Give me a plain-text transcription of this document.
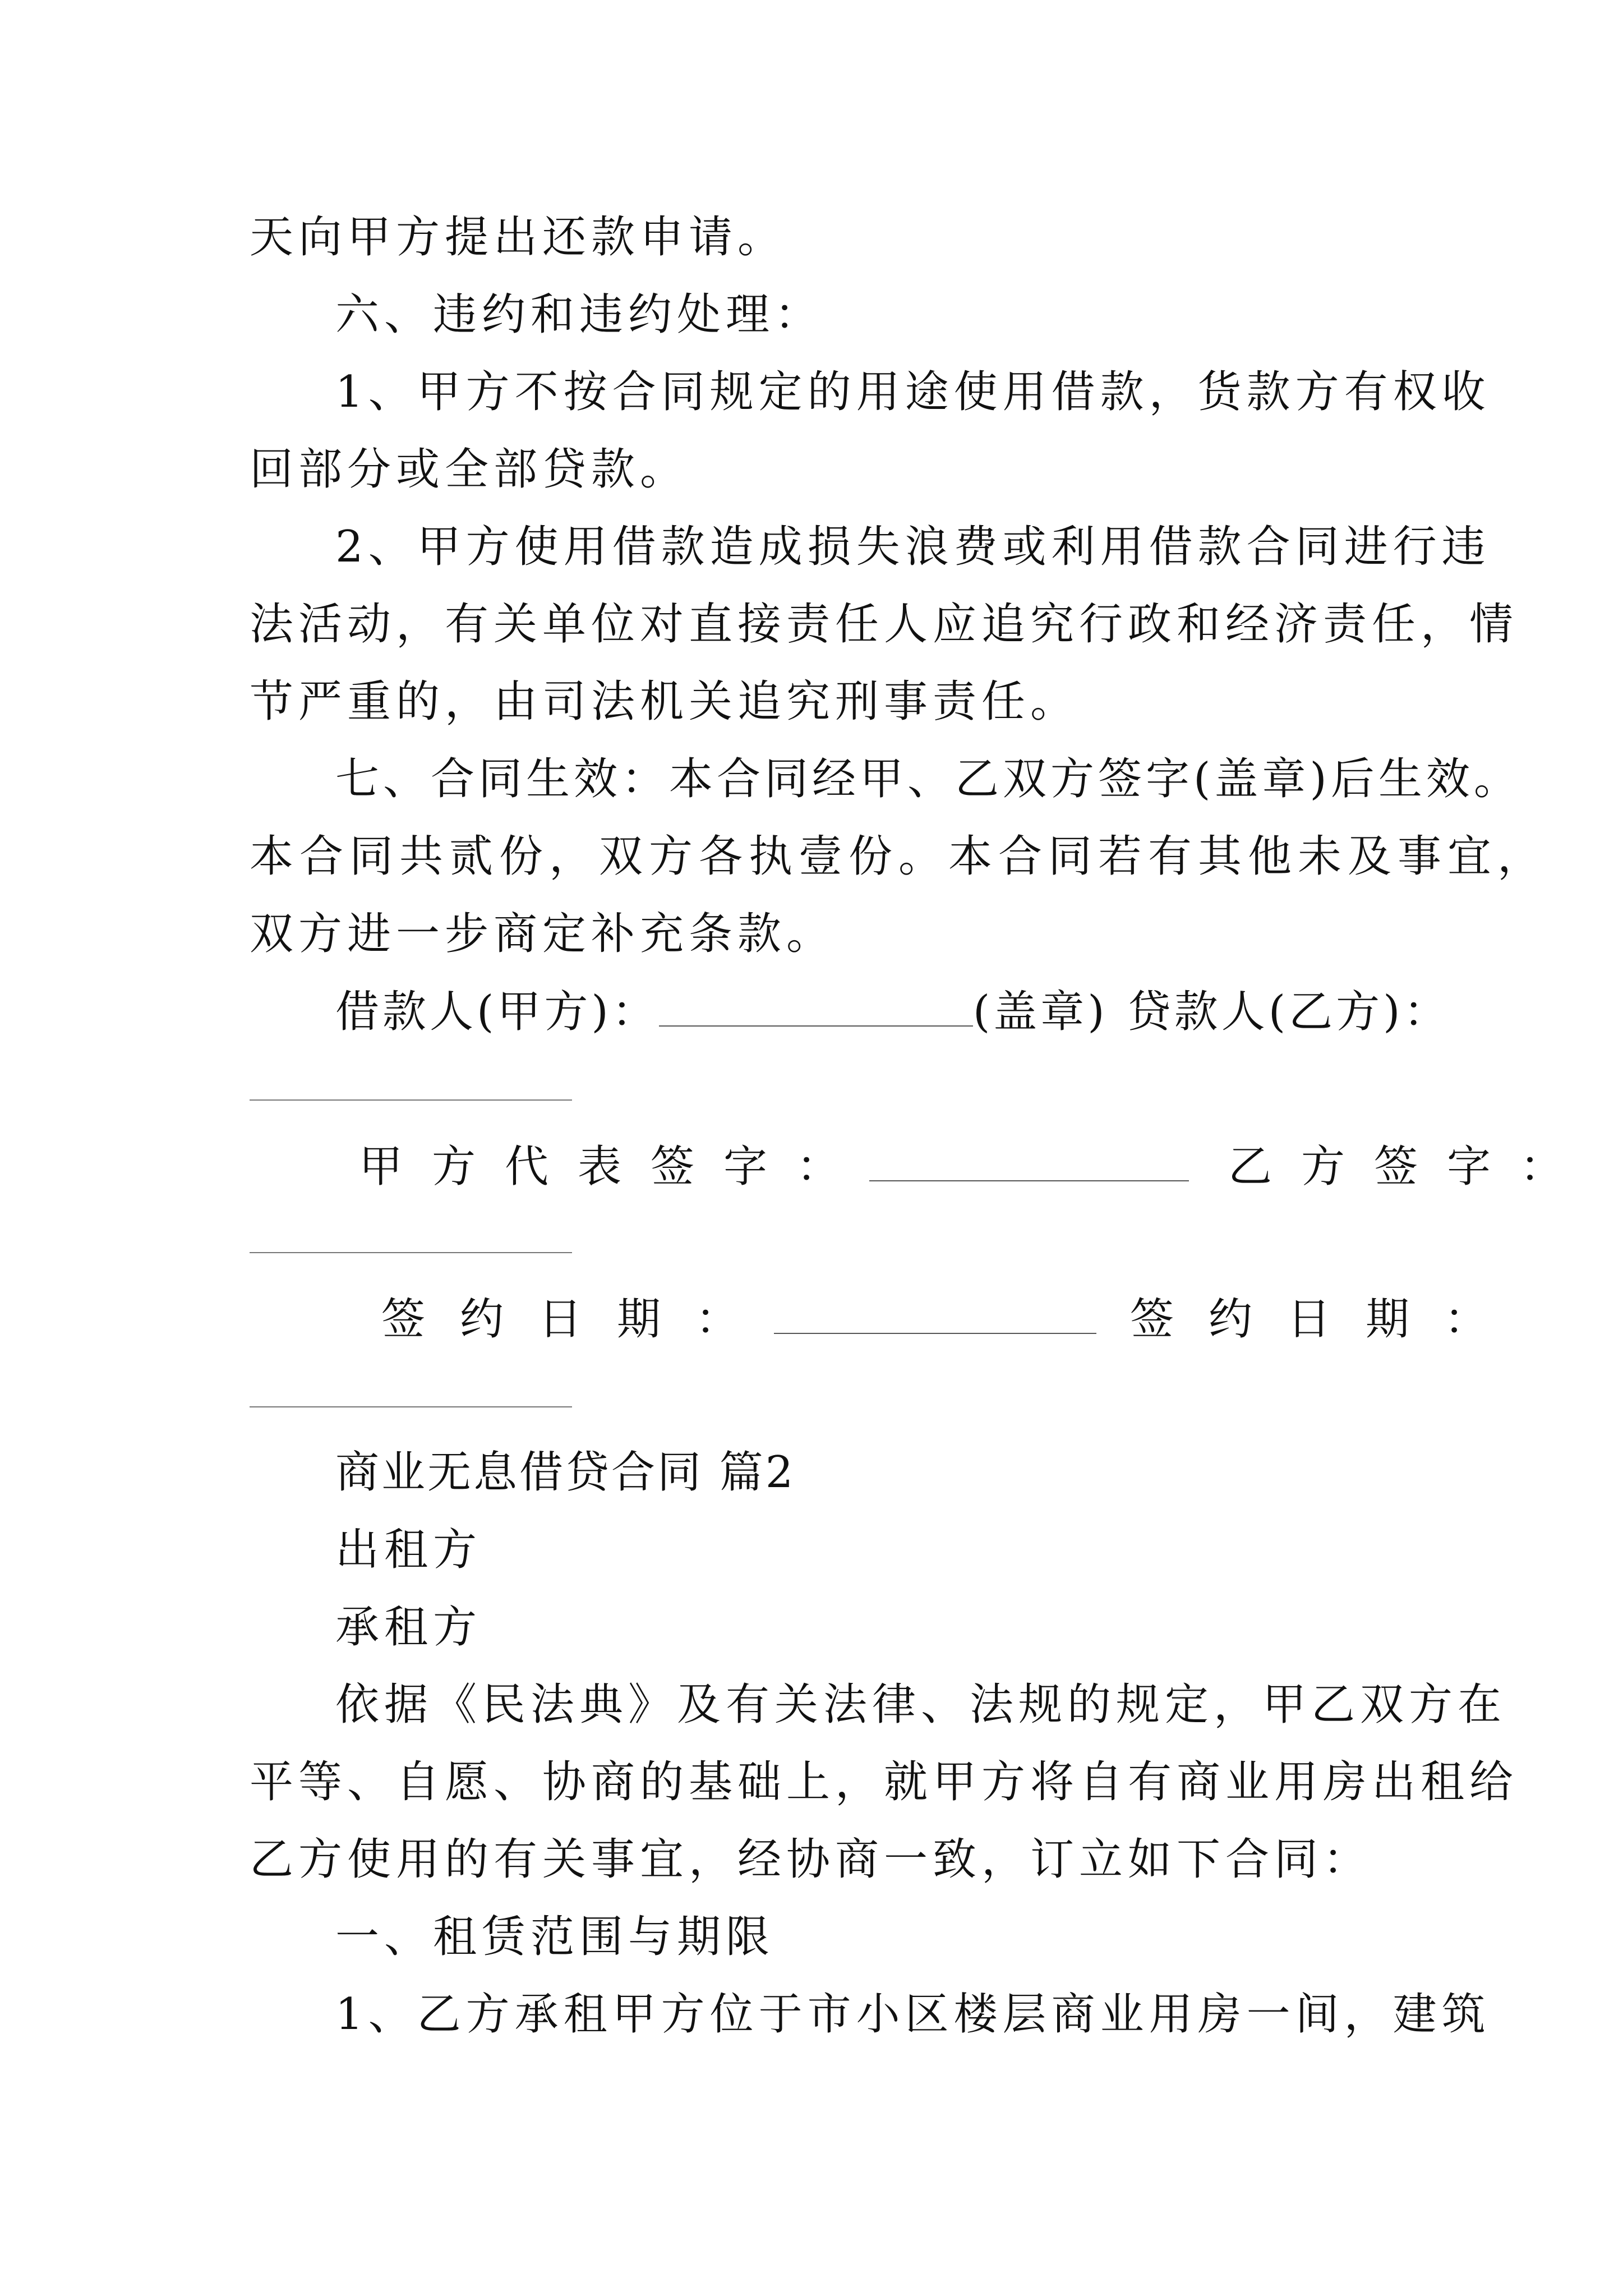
天向甲方提出还款申请。
六、违约和违约处理：
1、甲方不按合同规定的用途使用借款，货款方有权收
回部分或全部贷款。
2、甲方使用借款造成损失浪费或利用借款合同进行违
法活动，有关单位对直接责任人应追究行政和经济责任，情
节严重的，由司法机关追究刑事责任。
七、合同生效：本合同经甲、乙双方签字(盖章)后生效。
本合同共贰份，双方各执壹份。本合同若有其他未及事宜，
双方进一步商定补充条款。
借款人(甲方)：	(盖章) 贷款人(乙方)：
甲方代表签字：	乙方签字：
签约日期：	签约日期：
商业无息借贷合同 篇2
出租方
承租方
依据《民法典》及有关法律、法规的规定，甲乙双方在
平等、自愿、协商的基础上，就甲方将自有商业用房出租给
乙方使用的有关事宜，经协商一致，订立如下合同：
一、租赁范围与期限
1、乙方承租甲方位于市小区楼层商业用房一间，建筑
